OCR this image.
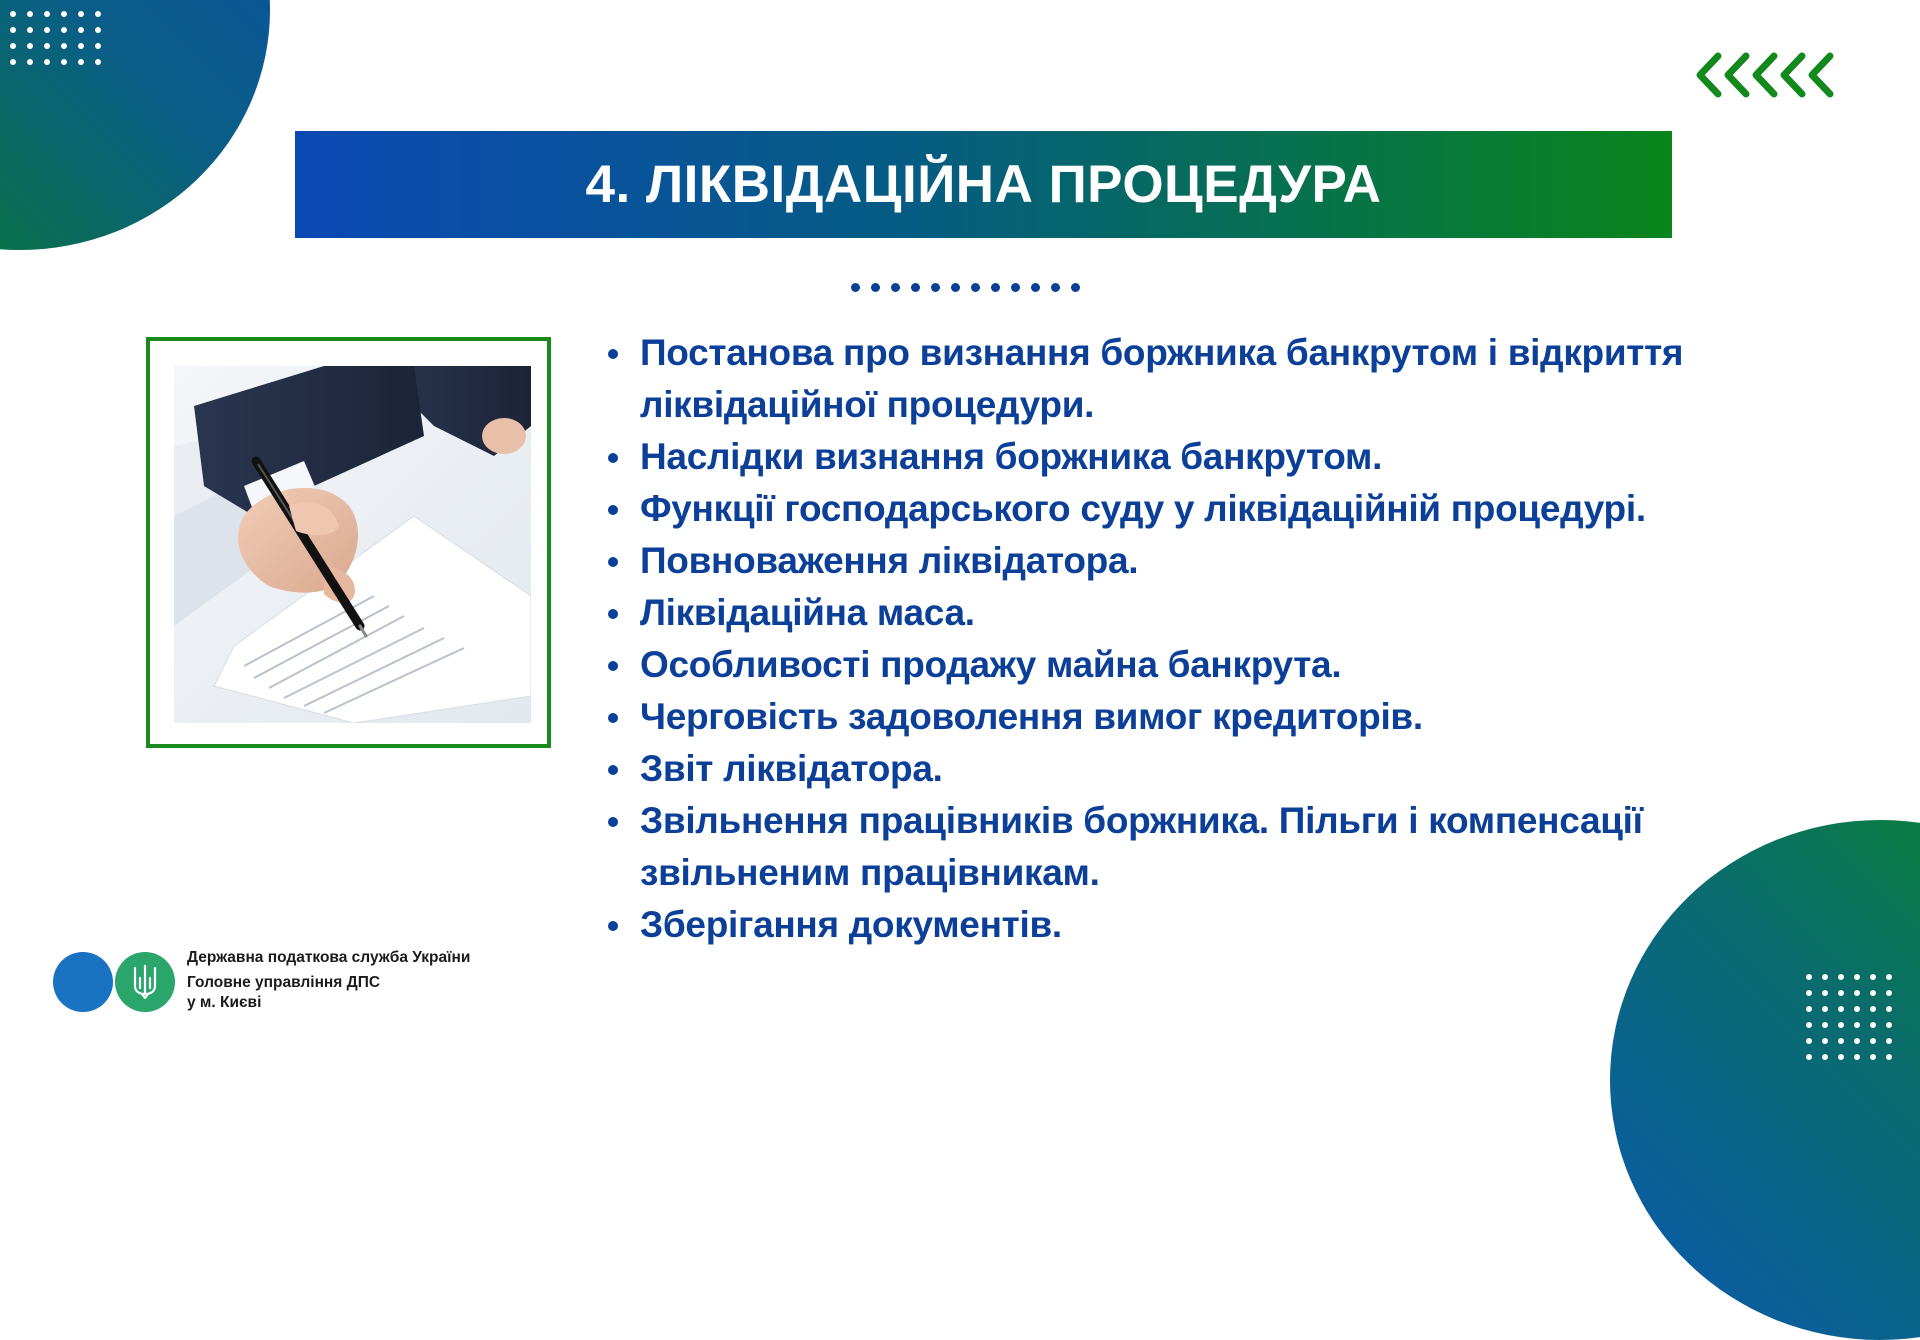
4. ЛІКВІДАЦІЙНА ПРОЦЕДУРА
Постанова про визнання боржника банкрутом і відкриття ліквідаційної процедури.
Наслідки визнання боржника банкрутом.
Функції господарського суду у ліквідаційній процедурі.
Повноваження ліквідатора.
Ліквідаційна маса.
Особливості продажу майна банкрута.
Черговість задоволення вимог кредиторів.
Звіт ліквідатора.
Звільнення працівників боржника. Пільги і компенсації звільненим працівникам.
Зберігання документів.
Державна податкова служба України
Головне управління ДПС
у м. Києві
